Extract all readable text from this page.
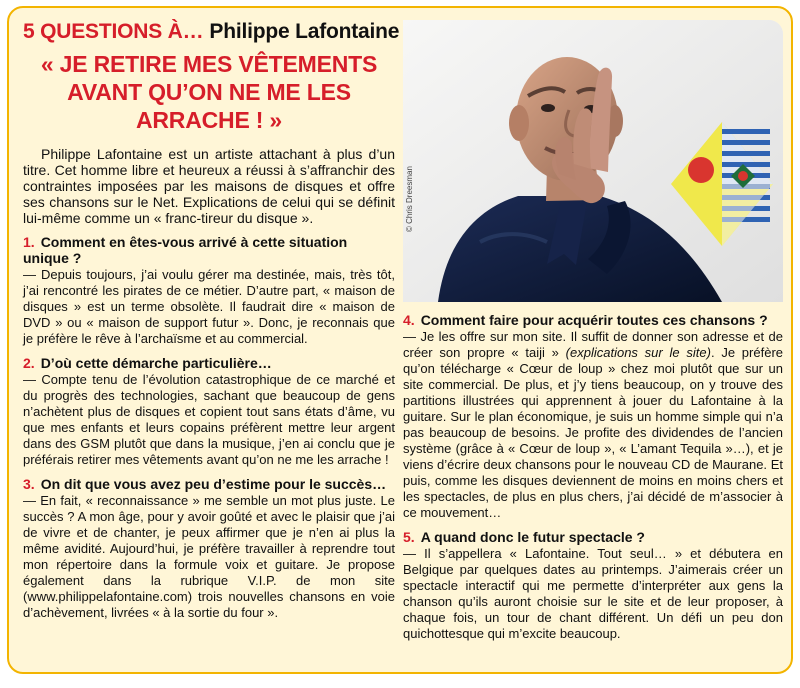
5 QUESTIONS À… Philippe Lafontaine
« JE RETIRE MES VÊTEMENTS AVANT QU’ON NE ME LES ARRACHE ! »
Philippe Lafontaine est un artiste attachant à plus d’un titre. Cet homme libre et heureux a réussi à s’affranchir des contraintes imposées par les maisons de disques et offre ses chansons sur le Net. Explications de celui qui se définit lui-même comme un « franc-tireur du disque ».
1. Comment en êtes-vous arrivé à cette situation unique ?
— Depuis toujours, j’ai voulu gérer ma destinée, mais, très tôt, j’ai rencontré les pirates de ce métier. D’autre part, « maison de disques » est un terme obsolète. Il faudrait dire « maison de DVD » ou « maison de support futur ». Donc, je reconnais que je préfère le rêve à l’archaïsme et au commercial.
2. D’où cette démarche particulière…
— Compte tenu de l’évolution catastrophique de ce marché et du progrès des technologies, sachant que beaucoup de gens n’achètent plus de disques et copient tout sans états d’âme, vu que mes enfants et leurs copains préfèrent mettre leur argent dans des GSM plutôt que dans la musique, j’en ai conclu que je préférais retirer mes vêtements avant qu’on ne me les arrache !
3. On dit que vous avez peu d’estime pour le succès…
— En fait, « reconnaissance » me semble un mot plus juste. Le succès ? A mon âge, pour y avoir goûté et avec le plaisir que j’ai de vivre et de chanter, je peux affirmer que je n’en ai plus la même avidité. Aujourd’hui, je préfère travailler à reprendre tout mon répertoire dans la formule voix et guitare. Je propose également dans la rubrique V.I.P. de mon site (www.philippelafontaine.com) trois nouvelles chansons en voie d’achèvement, livrées « à la sortie du four ».
© Chris Dreesman
4. Comment faire pour acquérir toutes ces chansons ?
— Je les offre sur mon site. Il suffit de donner son adresse et de créer son propre « taiji » (explications sur le site). Je préfère qu’on télécharge « Cœur de loup » chez moi plutôt que sur un site commercial. De plus, et j’y tiens beaucoup, on y trouve des partitions illustrées qui apprennent à jouer du Lafontaine à la guitare. Sur le plan économique, je suis un homme simple qui n’a pas beaucoup de besoins. Je profite des dividendes de l’ancien système (grâce à « Cœur de loup », « L’amant Tequila »…), et je viens d’écrire deux chansons pour le nouveau CD de Maurane. Et puis, comme les disques deviennent de moins en moins chers et les spectacles, de plus en plus chers, j’ai décidé de m’associer à ce mouvement…
5. A quand donc le futur spectacle ?
— Il s’appellera « Lafontaine. Tout seul… » et débutera en Belgique par quelques dates au printemps. J’aimerais créer un spectacle interactif qui me permette d’interpréter aux gens la chanson qu’ils auront choisie sur le site et de leur proposer, à chaque fois, un tour de chant différent. Un défi un peu don quichottesque qui m’excite beaucoup.
